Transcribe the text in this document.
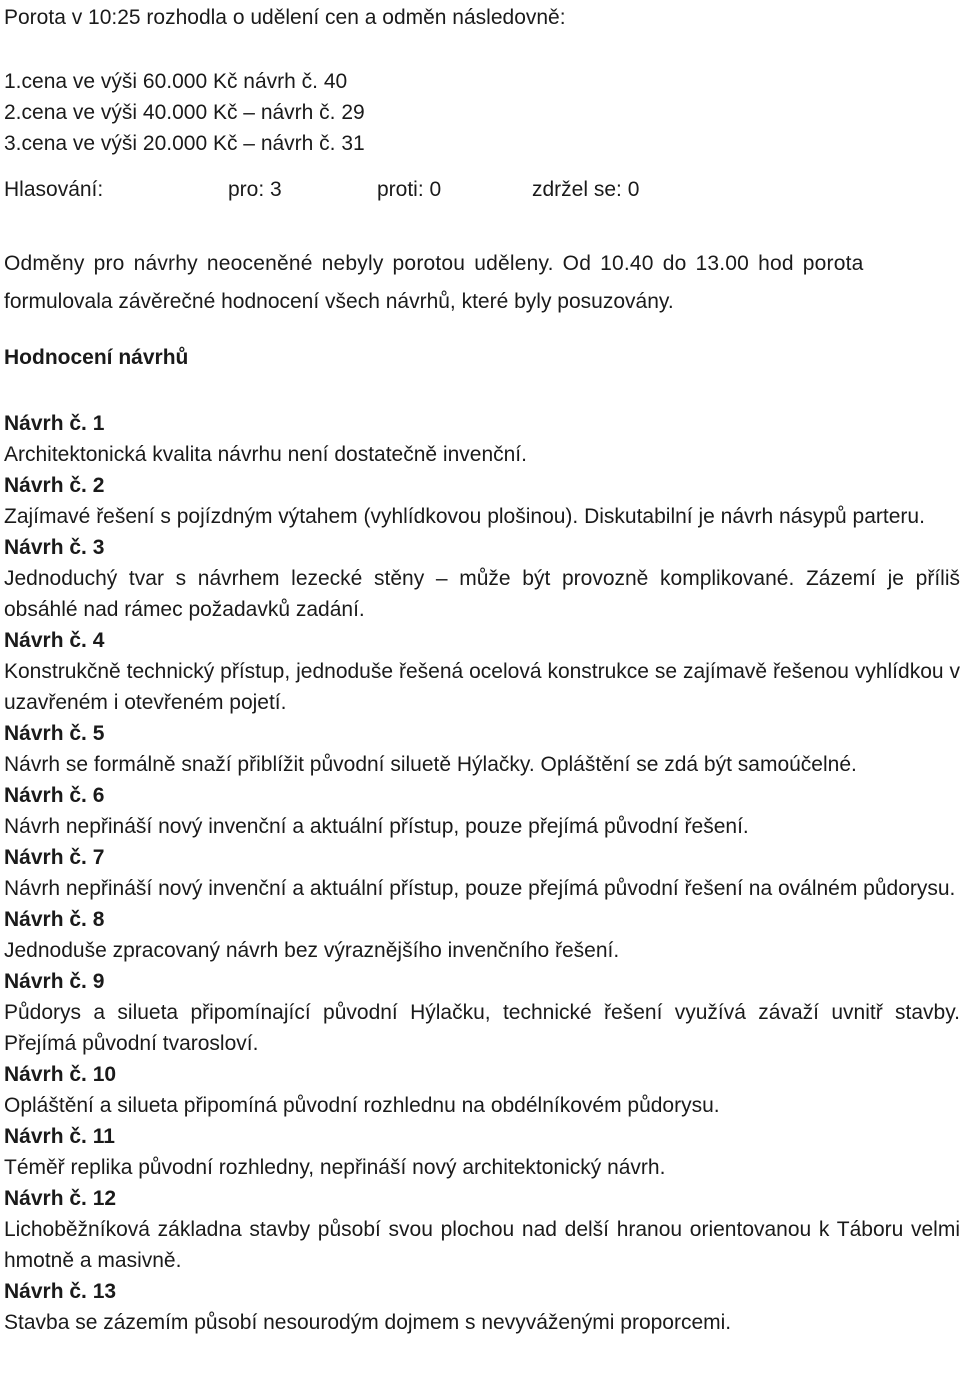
Porota v 10:25 rozhodla o udělení cen a odměn následovně:
1.cena ve výši 60.000 Kč návrh č. 40
2.cena ve výši 40.000 Kč – návrh č. 29
3.cena ve výši 20.000 Kč – návrh č. 31
Hlasování:	pro: 3	proti: 0	zdržel se: 0
Odměny pro návrhy neoceněné nebyly porotou uděleny. Od 10.40 do 13.00 hod porota
formulovala závěrečné hodnocení všech návrhů, které byly posuzovány.
Hodnocení návrhů
Návrh č. 1

Architektonická kvalita návrhu není dostatečně invenční.

Návrh č. 2

Zajímavé řešení s pojízdným výtahem (vyhlídkovou plošinou). Diskutabilní je návrh násypů parteru.

Návrh č. 3

Jednoduchý tvar s návrhem lezecké stěny – může být provozně komplikované. Zázemí je příliš obsáhlé nad rámec požadavků zadání.

Návrh č. 4

Konstrukčně technický přístup, jednoduše řešená ocelová konstrukce se zajímavě řešenou vyhlídkou v uzavřeném i otevřeném pojetí.

Návrh č. 5

Návrh se formálně snaží přiblížit původní siluetě Hýlačky. Opláštění se zdá být samoúčelné.

Návrh č. 6

Návrh nepřináší nový invenční a aktuální přístup, pouze přejímá původní řešení.

Návrh č. 7

Návrh nepřináší nový invenční a aktuální přístup, pouze přejímá původní řešení na oválném půdorysu.

Návrh č. 8

Jednoduše zpracovaný návrh bez výraznějšího invenčního řešení.

Návrh č. 9

Půdorys a silueta připomínající původní Hýlačku, technické řešení využívá závaží uvnitř stavby. Přejímá původní tvarosloví.

Návrh č. 10

Opláštění a silueta připomíná původní rozhlednu na obdélníkovém půdorysu.

Návrh č. 11

Téměř replika původní rozhledny, nepřináší nový architektonický návrh.

Návrh č. 12

Lichoběžníková základna stavby působí svou plochou nad delší hranou orientovanou k Táboru velmi hmotně a masivně.

Návrh č. 13

Stavba se zázemím působí nesourodým dojmem s nevyváženými proporcemi.
